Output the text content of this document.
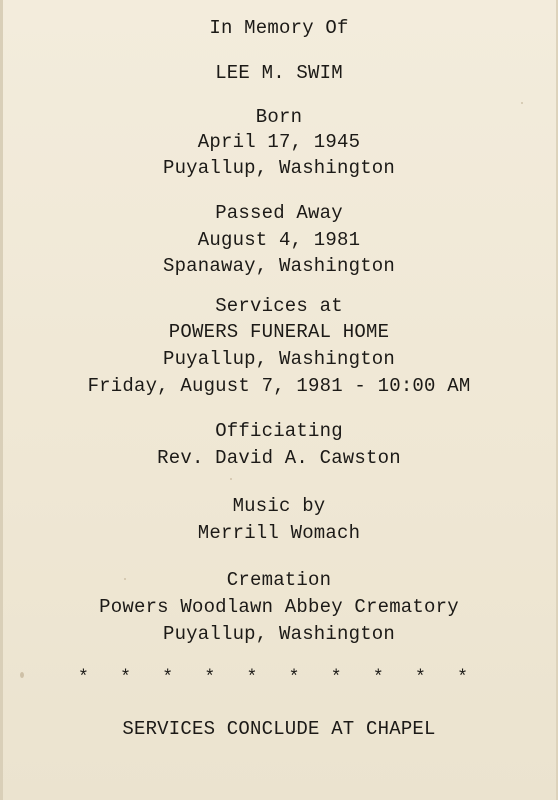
In Memory Of
LEE M. SWIM
Born
April 17, 1945
Puyallup, Washington
Passed Away
August 4, 1981
Spanaway, Washington
Services at
POWERS FUNERAL HOME
Puyallup, Washington
Friday, August 7, 1981 - 10:00 AM
Officiating
Rev. David A. Cawston
Music by
Merrill Womach
Cremation
Powers Woodlawn Abbey Crematory
Puyallup, Washington
* * * * * * * * * *
SERVICES CONCLUDE AT CHAPEL
